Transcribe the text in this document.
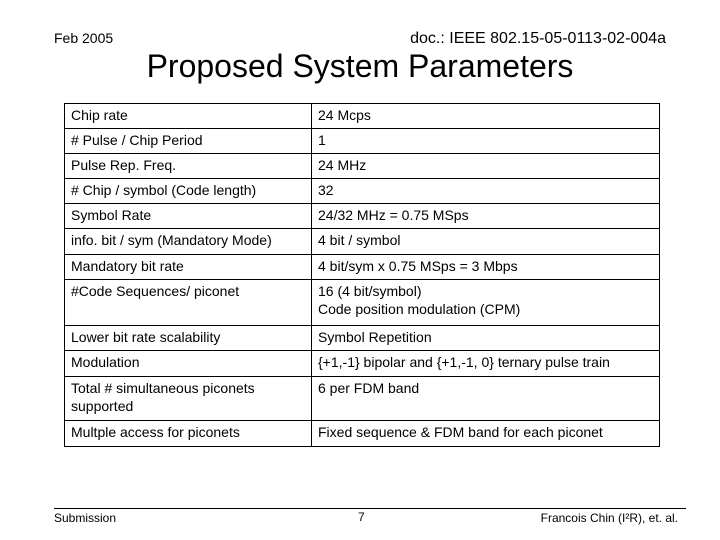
Feb 2005	doc.: IEEE 802.15-05-0113-02-004a
Proposed System Parameters
Chip rate	24 Mcps
# Pulse / Chip Period	1
Pulse Rep. Freq.	24 MHz
# Chip / symbol (Code length)	32
Symbol Rate	24/32 MHz = 0.75 MSps
info. bit / sym (Mandatory Mode)	4 bit / symbol
Mandatory bit rate	4 bit/sym x 0.75 MSps = 3 Mbps
#Code Sequences/ piconet	16 (4 bit/symbol)
Code position modulation (CPM)

Lower bit rate scalability	Symbol Repetition
Modulation	{+1,-1} bipolar and {+1,-1, 0} ternary pulse train

Total # simultaneous piconets
supported	6 per FDM band
Multple access for piconets	Fixed sequence & FDM band for each piconet
Submission	7	Francois Chin (I²R), et. al.
